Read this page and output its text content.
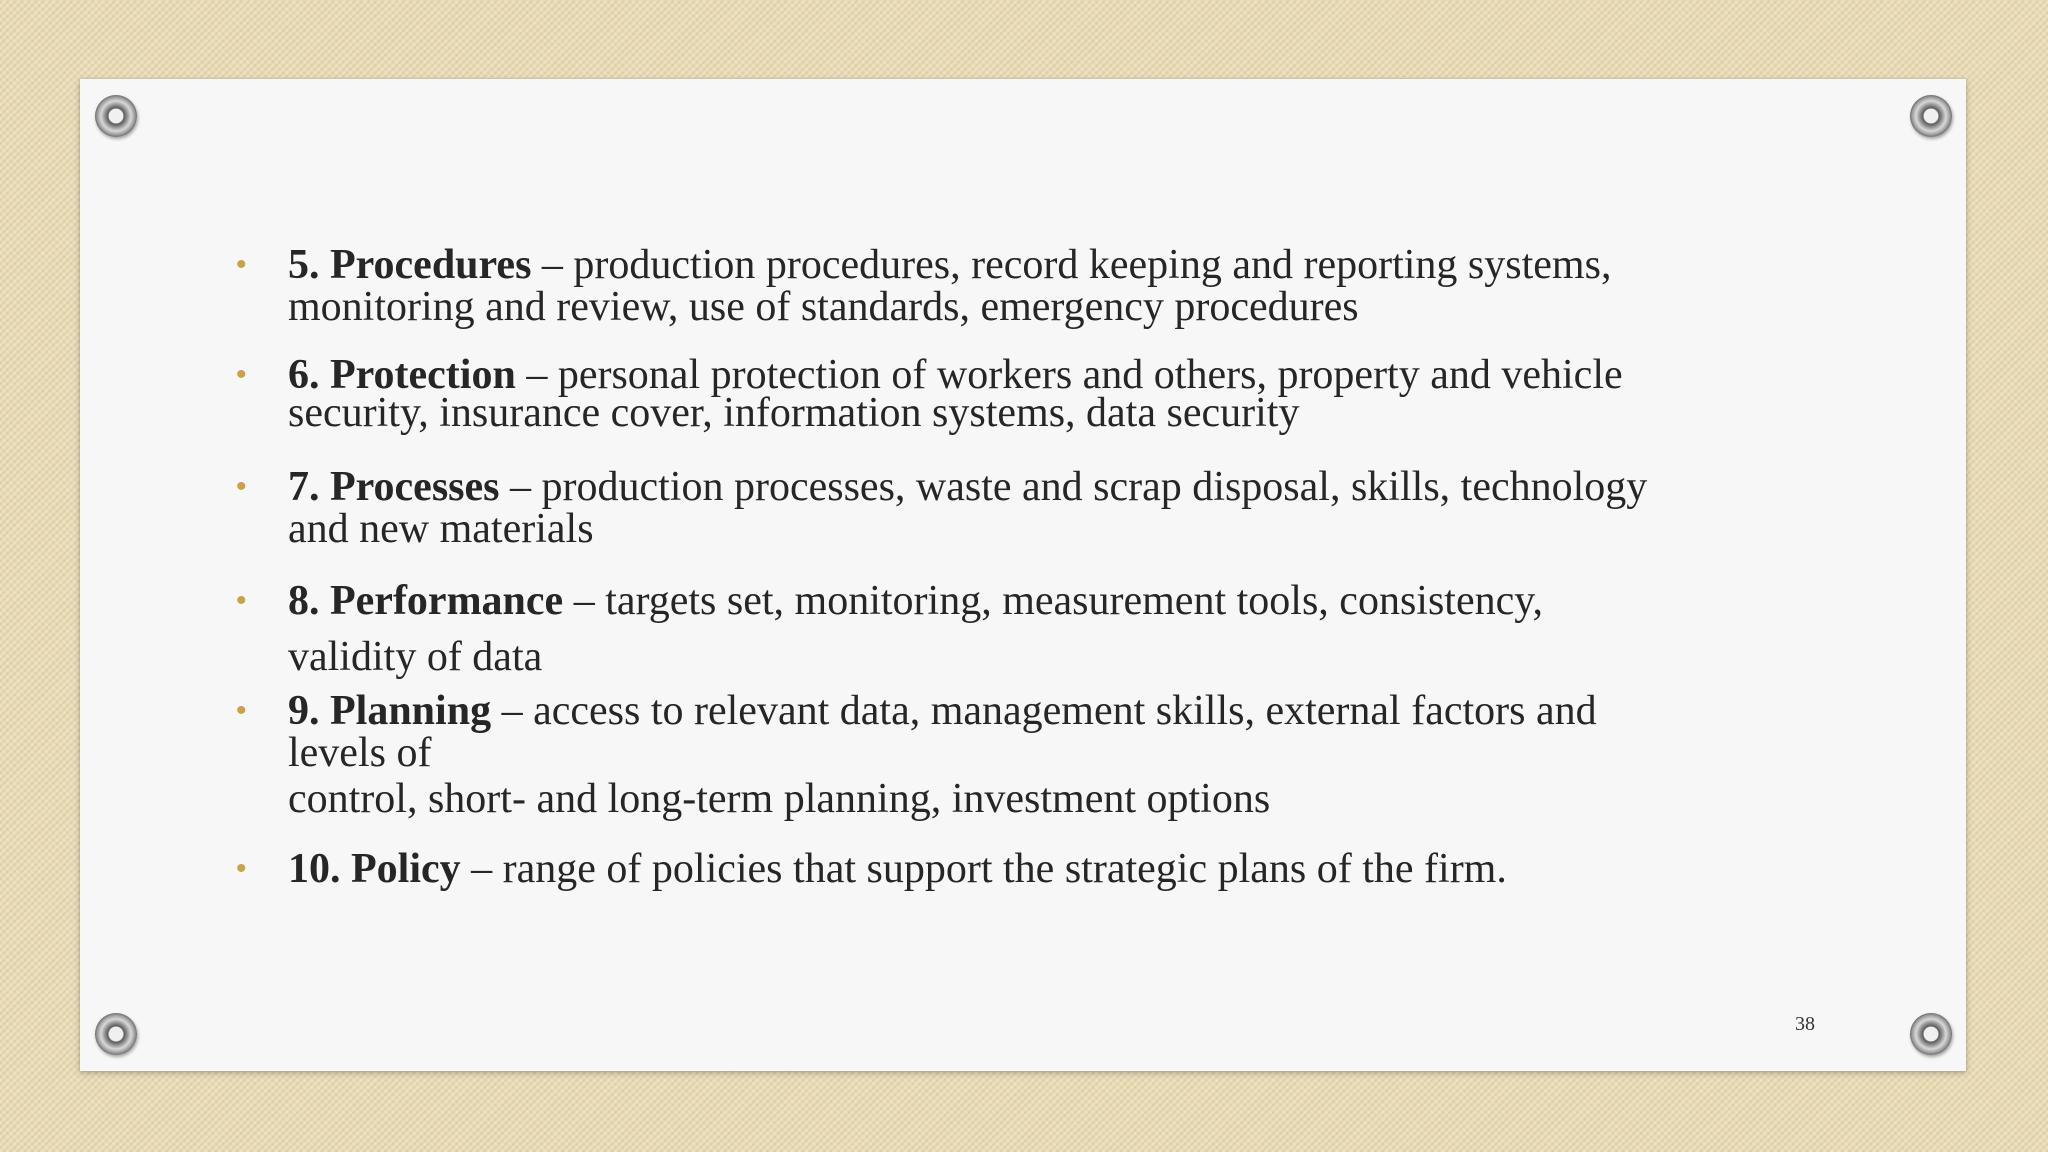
• 5. Procedures – production procedures, record keeping and reporting systems,
monitoring and review, use of standards, emergency procedures
• 6. Protection – personal protection of workers and others, property and vehicle
security, insurance cover, information systems, data security
• 7. Processes – production processes, waste and scrap disposal, skills, technology
and new materials
• 8. Performance – targets set, monitoring, measurement tools, consistency,
validity of data
• 9. Planning – access to relevant data, management skills, external factors and
levels of
control, short- and long-term planning, investment options
• 10. Policy – range of policies that support the strategic plans of the firm.
38
